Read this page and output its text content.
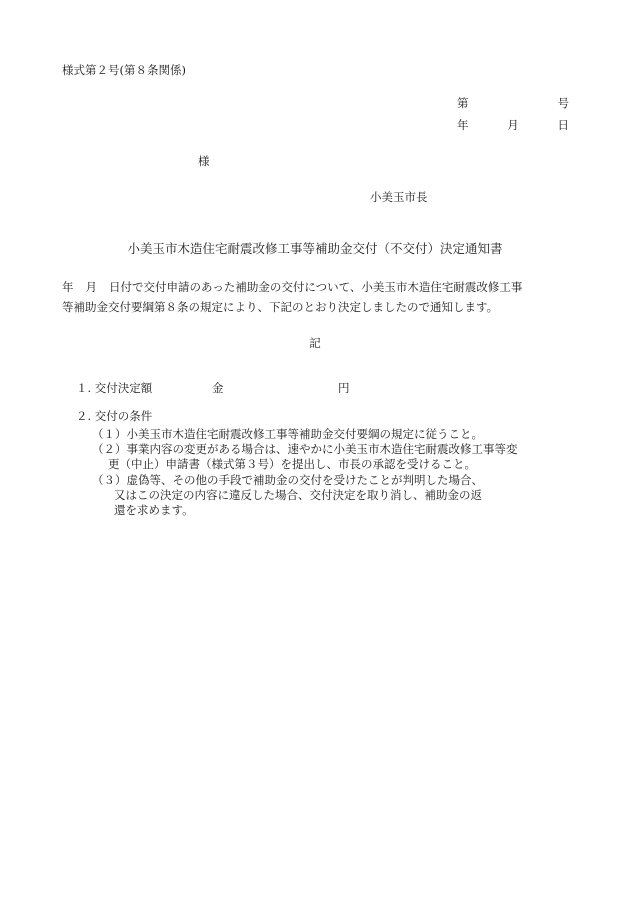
様式第２号(第８条関係)
第	号
年	月	日
様
小美玉市長
小美玉市木造住宅耐震改修工事等補助金交付（不交付）決定通知書
年 月 日付で交付申請のあった補助金の交付について、小美玉市木造住宅耐震改修工事
等補助金交付要綱第８条の規定により、下記のとおり決定しましたので通知します。
記
１. 交付決定額	金	円
２. 交付の条件
（１）小美玉市木造住宅耐震改修工事等補助金交付要綱の規定に従うこと。
（２）事業内容の変更がある場合は、速やかに小美玉市木造住宅耐震改修工事等変
更（中止）申請書（様式第３号）を提出し、市長の承認を受けること。
（３）虚偽等、その他の手段で補助金の交付を受けたことが判明した場合、
又はこの決定の内容に違反した場合、交付決定を取り消し、補助金の返
還を求めます。
